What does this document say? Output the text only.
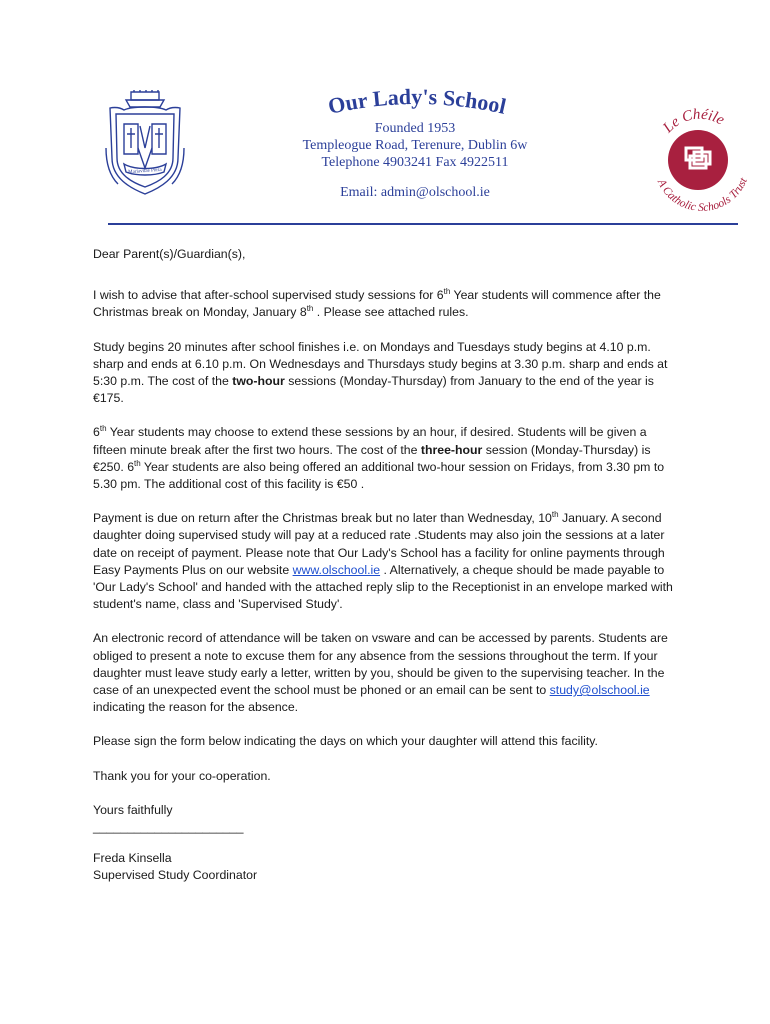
Mariavitae Porta
Our Lady's School
Founded 1953
Templeogue Road, Terenure, Dublin 6w
Telephone 4903241 Fax 4922511
Email: admin@olschool.ie
Le Chéile
A Catholic Schools Trust

Dear Parent(s)/Guardian(s),

I wish to advise that after-school supervised study sessions for 6th Year students will commence after the Christmas break on Monday, January 8th . Please see attached rules.

Study begins 20 minutes after school finishes i.e. on Mondays and Tuesdays study begins at 4.10 p.m. sharp and ends at 6.10 p.m. On Wednesdays and Thursdays study begins at 3.30 p.m. sharp and ends at 5:30 p.m. The cost of the two-hour sessions (Monday-Thursday) from January to the end of the year is €175.

6th Year students may choose to extend these sessions by an hour, if desired. Students will be given a fifteen minute break after the first two hours. The cost of the three-hour session (Monday-Thursday) is €250. 6th Year students are also being offered an additional two-hour session on Fridays, from 3.30 pm to 5.30 pm. The additional cost of this facility is €50 .

Payment is due on return after the Christmas break but no later than Wednesday, 10th January. A second daughter doing supervised study will pay at a reduced rate .Students may also join the sessions at a later date on receipt of payment. Please note that Our Lady's School has a facility for online payments through Easy Payments Plus on our website www.olschool.ie . Alternatively, a cheque should be made payable to 'Our Lady's School' and handed with the attached reply slip to the Receptionist in an envelope marked with student's name, class and 'Supervised Study'.

An electronic record of attendance will be taken on vsware and can be accessed by parents. Students are obliged to present a note to excuse them for any absence from the sessions throughout the term. If your daughter must leave study early a letter, written by you, should be given to the supervising teacher. In the case of an unexpected event the school must be phoned or an email can be sent to study@olschool.ie indicating the reason for the absence.

Please sign the form below indicating the days on which your daughter will attend this facility.

Thank you for your co-operation.

Yours faithfully

______________________

Freda Kinsella

Supervised Study Coordinator
